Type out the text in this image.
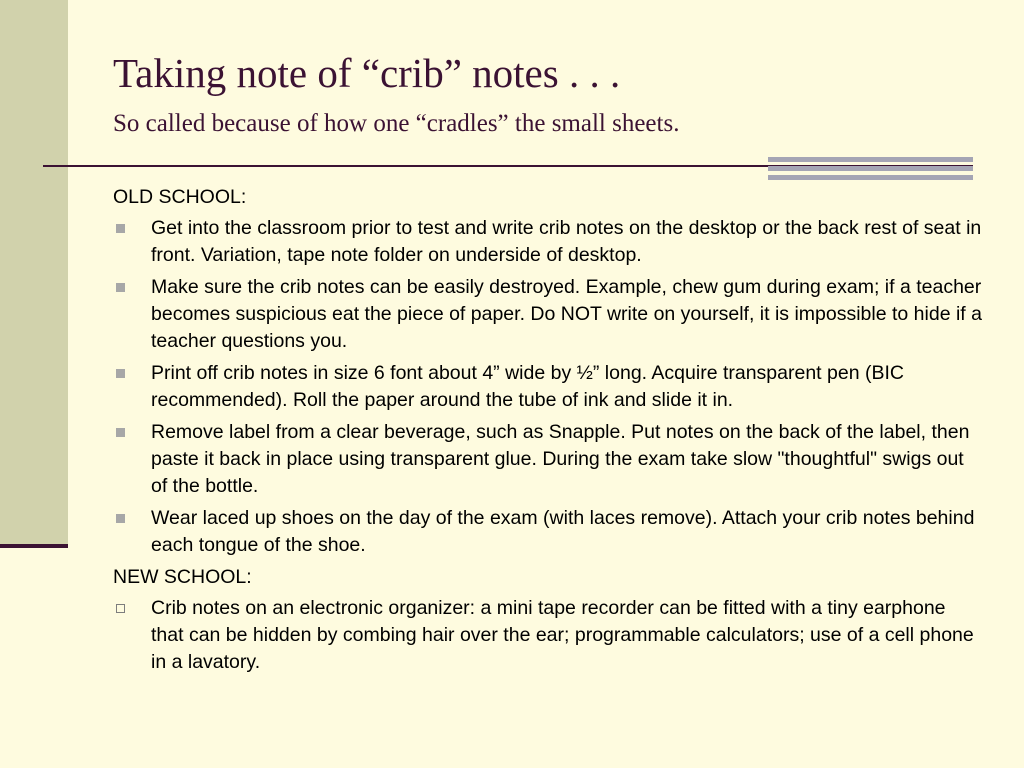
Taking note of “crib” notes . . .
So called because of how one “cradles” the small sheets.
OLD SCHOOL:
Get into the classroom prior to test and write crib notes on the desktop or the back rest of seat in front. Variation, tape note folder on underside of desktop.
Make sure the crib notes can be easily destroyed. Example, chew gum during exam; if a teacher becomes suspicious eat the piece of paper. Do NOT write on yourself, it is impossible to hide if a teacher questions you.
Print off crib notes in size 6 font about 4” wide by ½” long. Acquire transparent pen (BIC recommended). Roll the paper around the tube of ink and slide it in.
Remove label from a clear beverage, such as Snapple. Put notes on the back of the label, then paste it back in place using transparent glue. During the exam take slow "thoughtful" swigs out of the bottle.
Wear laced up shoes on the day of the exam (with laces remove). Attach your crib notes behind each tongue of the shoe.
NEW SCHOOL:
Crib notes on an electronic organizer: a mini tape recorder can be fitted with a tiny earphone that can be hidden by combing hair over the ear; programmable calculators; use of a cell phone in a lavatory.
